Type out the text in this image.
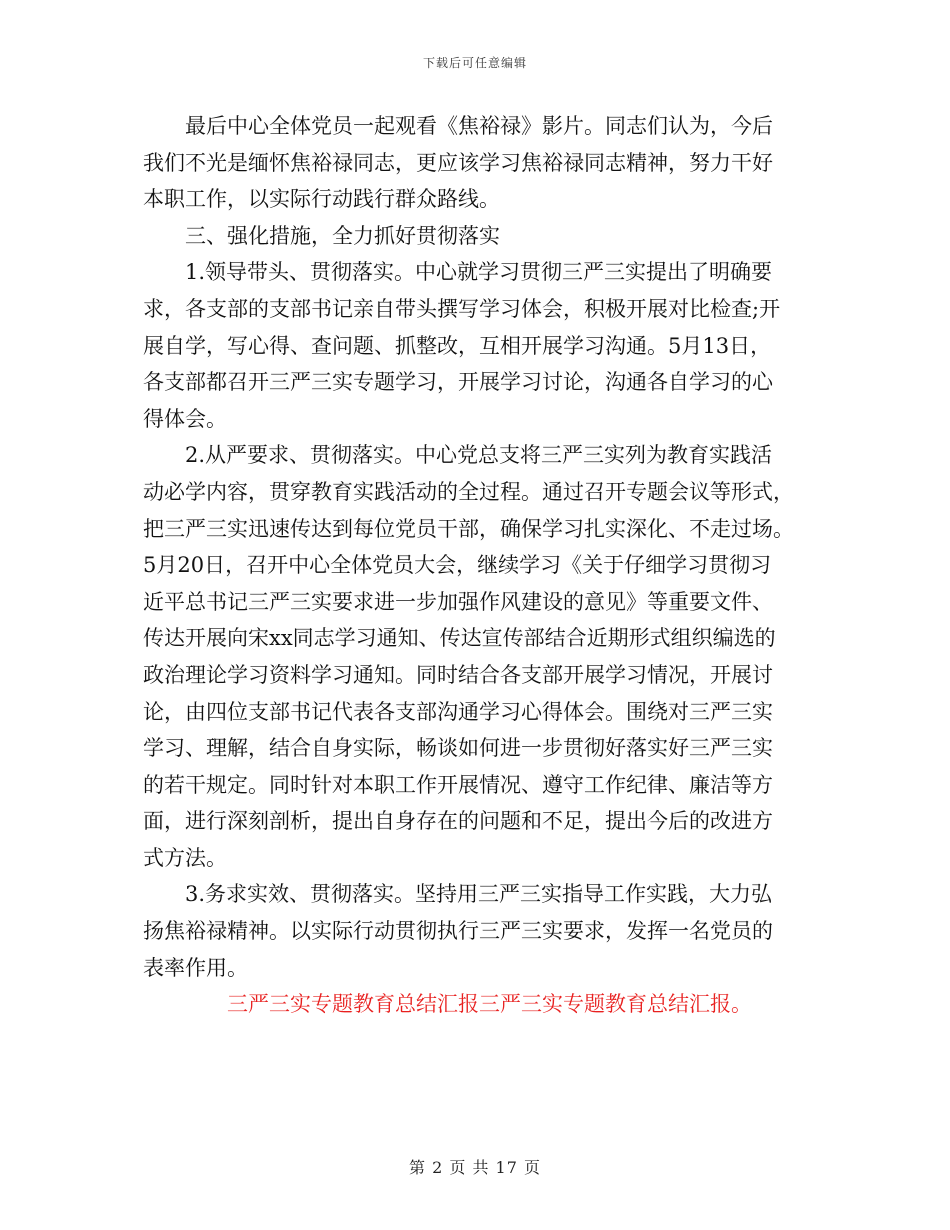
下载后可任意编辑
最后中心全体党员一起观看《焦裕禄》影片。同志们认为，今后
我们不光是缅怀焦裕禄同志，更应该学习焦裕禄同志精神，努力干好
本职工作，以实际行动践行群众路线。
三、强化措施，全力抓好贯彻落实
1.领导带头、贯彻落实。中心就学习贯彻三严三实提出了明确要
求，各支部的支部书记亲自带头撰写学习体会，积极开展对比检查;开
展自学，写心得、查问题、抓整改，互相开展学习沟通。5月13日，
各支部都召开三严三实专题学习，开展学习讨论，沟通各自学习的心
得体会。
2.从严要求、贯彻落实。中心党总支将三严三实列为教育实践活
动必学内容，贯穿教育实践活动的全过程。通过召开专题会议等形式，
把三严三实迅速传达到每位党员干部，确保学习扎实深化、不走过场。
5月20日，召开中心全体党员大会，继续学习《关于仔细学习贯彻习
近平总书记三严三实要求进一步加强作风建设的意见》等重要文件、
传达开展向宋xx同志学习通知、传达宣传部结合近期形式组织编选的
政治理论学习资料学习通知。同时结合各支部开展学习情况，开展讨
论，由四位支部书记代表各支部沟通学习心得体会。围绕对三严三实
学习、理解，结合自身实际，畅谈如何进一步贯彻好落实好三严三实
的若干规定。同时针对本职工作开展情况、遵守工作纪律、廉洁等方
面，进行深刻剖析，提出自身存在的问题和不足，提出今后的改进方
式方法。
3.务求实效、贯彻落实。坚持用三严三实指导工作实践，大力弘
扬焦裕禄精神。以实际行动贯彻执行三严三实要求，发挥一名党员的
表率作用。
三严三实专题教育总结汇报三严三实专题教育总结汇报。
第 2 页 共 17 页
